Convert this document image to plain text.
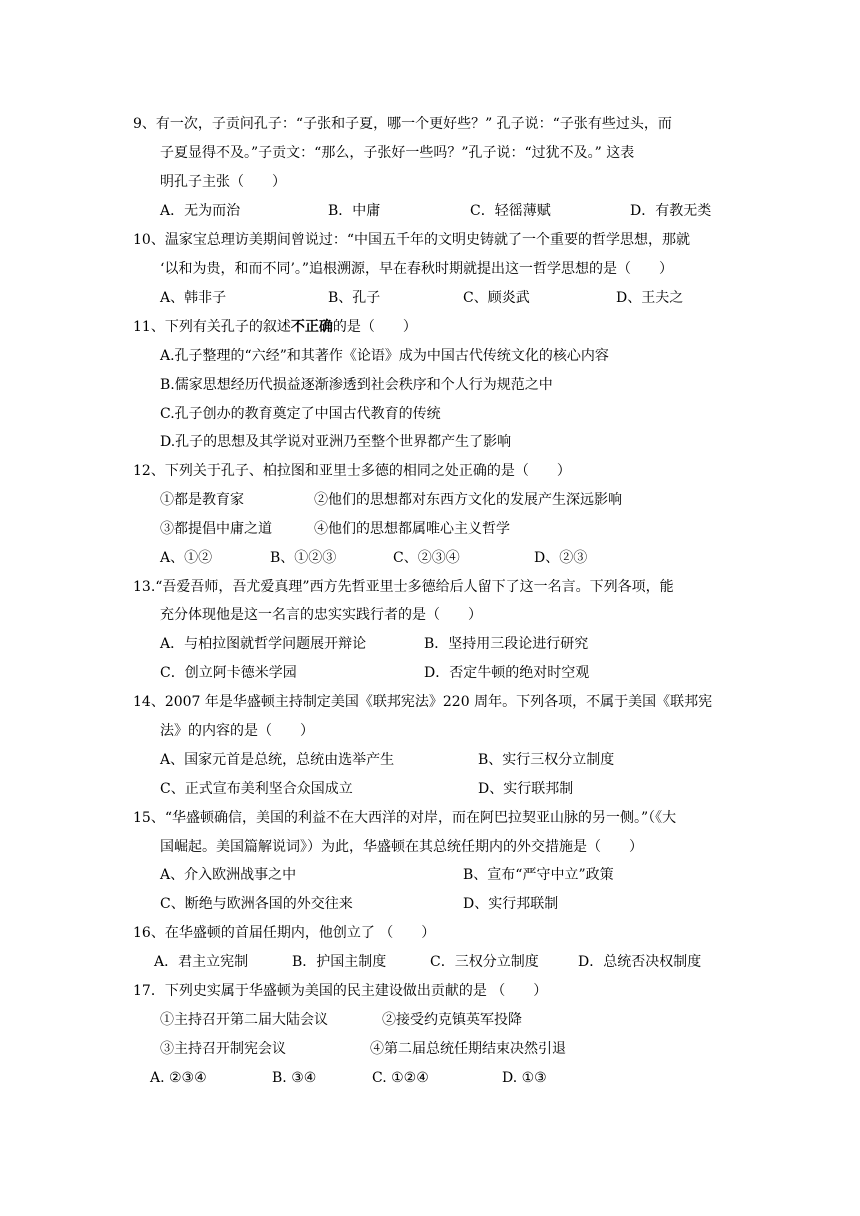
9、有一次，子贡问孔子：“子张和子夏，哪一个更好些？” 孔子说：“子张有些过头，而
子夏显得不及。”子贡文：“那么，子张好一些吗？”孔子说：“过犹不及。” 这表
明孔子主张（　　）
A．无为而治	B．中庸	C．轻徭薄赋	D．有教无类
10、温家宝总理访美期间曾说过：“中国五千年的文明史铸就了一个重要的哲学思想，那就
‘以和为贵，和而不同’。”追根溯源，早在春秋时期就提出这一哲学思想的是（　　）
A、韩非子	B、孔子	C、顾炎武	D、王夫之
11、下列有关孔子的叙述不正确的是（　　）
A.孔子整理的“六经”和其著作《论语》成为中国古代传统文化的核心内容
B.儒家思想经历代损益逐渐渗透到社会秩序和个人行为规范之中
C.孔子创办的教育奠定了中国古代教育的传统
D.孔子的思想及其学说对亚洲乃至整个世界都产生了影响
12、下列关于孔子、柏拉图和亚里士多德的相同之处正确的是（　　）
①都是教育家	②他们的思想都对东西方文化的发展产生深远影响
③都提倡中庸之道	④他们的思想都属唯心主义哲学
A、①②	B、①②③	C、②③④	D、②③
13.“吾爱吾师，吾尤爱真理”西方先哲亚里士多德给后人留下了这一名言。下列各项，能
充分体现他是这一名言的忠实实践行者的是（　　）
A．与柏拉图就哲学问题展开辩论	B．坚持用三段论进行研究
C．创立阿卡德米学园	D．否定牛顿的绝对时空观
14、2007 年是华盛顿主持制定美国《联邦宪法》220 周年。下列各项，不属于美国《联邦宪
法》的内容的是（　　）
A、国家元首是总统，总统由选举产生	B、实行三权分立制度
C、正式宣布美利坚合众国成立	D、实行联邦制
15、“华盛顿确信，美国的利益不在大西洋的对岸，而在阿巴拉契亚山脉的另一侧。”（《大
国崛起。美国篇解说词》）为此，华盛顿在其总统任期内的外交措施是（　　）
A、介入欧洲战事之中	B、宣布“严守中立”政策
C、断绝与欧洲各国的外交往来	D、实行邦联制
16、在华盛顿的首届任期内，他创立了 （　　）
A．君主立宪制	B．护国主制度	C．三权分立制度	D．总统否决权制度
17．下列史实属于华盛顿为美国的民主建设做出贡献的是 （　　）
①主持召开第二届大陆会议	②接受约克镇英军投降
③主持召开制宪会议	④第二届总统任期结束决然引退
A. ②③④	B. ③④	C. ①②④	D. ①③
